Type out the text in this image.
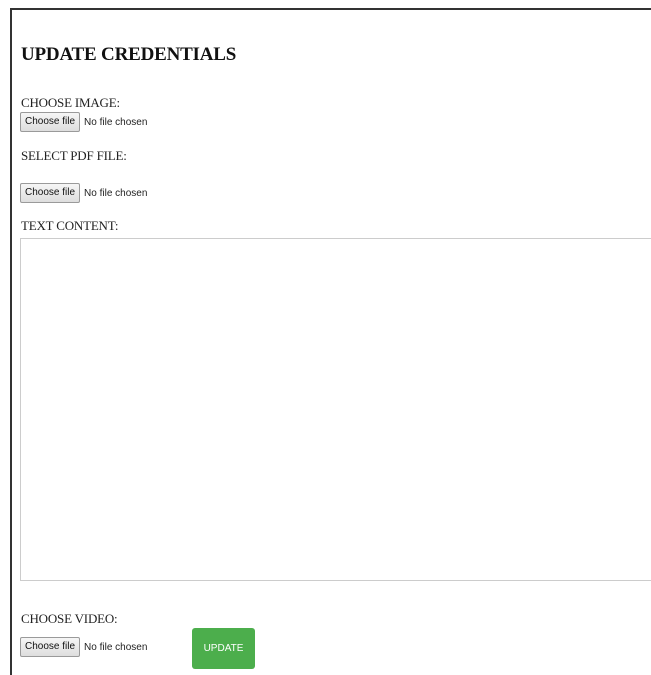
UPDATE CREDENTIALS
CHOOSE IMAGE:
Choose file No file chosen
SELECT PDF FILE:
Choose file No file chosen
TEXT CONTENT:
CHOOSE VIDEO:
Choose file No file chosen	UPDATE
